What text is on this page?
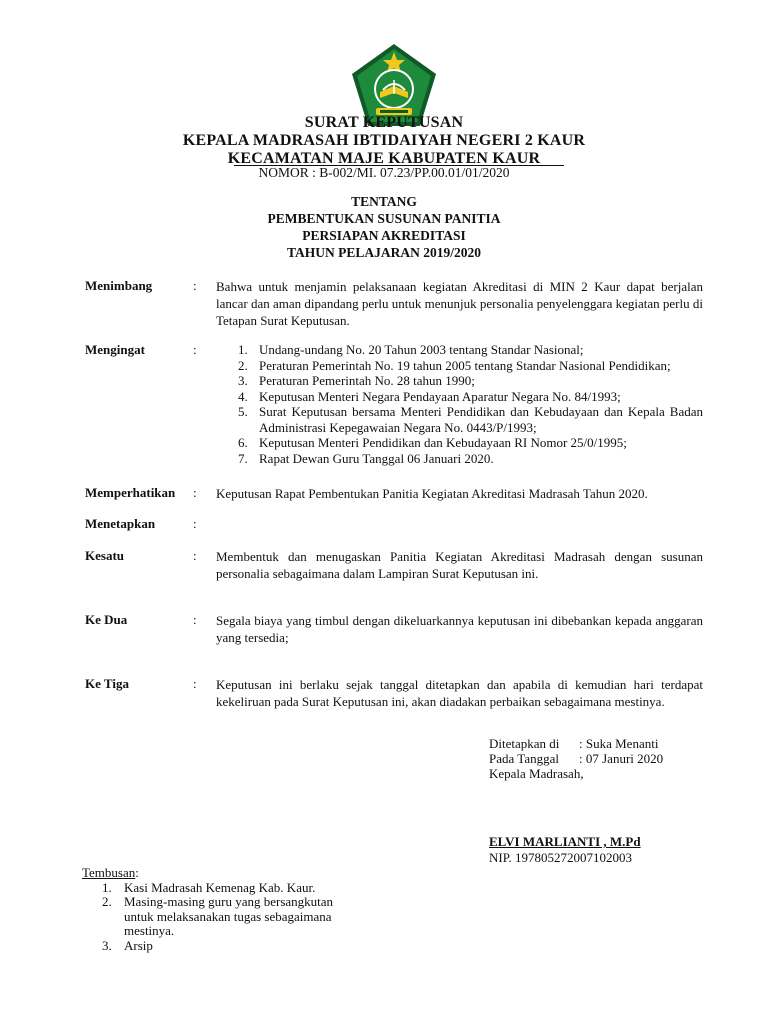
SURAT KEPUTUSAN

KEPALA MADRASAH IBTIDAIYAH NEGERI 2 KAUR

KECAMATAN MAJE KABUPATEN KAUR

NOMOR : B-002/MI. 07.23/PP.00.01/01/2020

TENTANG

PEMBENTUKAN SUSUNAN PANITIA

PERSIAPAN AKREDITASI

TAHUN PELAJARAN 2019/2020

Menimbang	: Bahwa untuk menjamin pelaksanaan kegiatan Akreditasi di MIN 2 Kaur dapat berjalan lancar dan aman dipandang perlu untuk menunjuk personalia penyelenggara kegiatan perlu di Tetapan Surat Keputusan.
Mengingat	:	1. Undang-undang No. 20 Tahun 2003 tentang Standar Nasional;
2. Peraturan Pemerintah No. 19 tahun 2005 tentang Standar Nasional Pendidikan;
3. Peraturan Pemerintah No. 28 tahun 1990;
4. Keputusan Menteri Negara Pendayaan Aparatur Negara No. 84/1993;
5. Surat Keputusan bersama Menteri Pendidikan dan Kebudayaan dan Kepala Badan Administrasi Kepegawaian Negara No. 0443/P/1993;
6. Keputusan Menteri Pendidikan dan Kebudayaan RI Nomor 25/0/1995;
7. Rapat Dewan Guru Tanggal 06 Januari 2020.
Memperhatikan : Keputusan Rapat Pembentukan Panitia Kegiatan Akreditasi Madrasah Tahun 2020.
Menetapkan	:
Kesatu	: Membentuk dan menugaskan Panitia Kegiatan Akreditasi Madrasah dengan susunan personalia sebagaimana dalam Lampiran Surat Keputusan ini.
Ke Dua	: Segala biaya yang timbul dengan dikeluarkannya keputusan ini dibebankan kepada anggaran yang tersedia;
Ke Tiga	: Keputusan ini berlaku sejak tanggal ditetapkan dan apabila di kemudian hari terdapat kekeliruan pada Surat Keputusan ini, akan diadakan perbaikan sebagaimana mestinya.
Ditetapkan di : Suka Menanti
Pada Tanggal : 07 Januri 2020
Kepala Madrasah,
ELVI MARLIANTI , M.Pd
NIP. 197805272007102003
Tembusan:
1. Kasi Madrasah Kemenag Kab. Kaur.
2. Masing-masing guru yang bersangkutan untuk melaksanakan tugas sebagaimana mestinya.
3. Arsip
